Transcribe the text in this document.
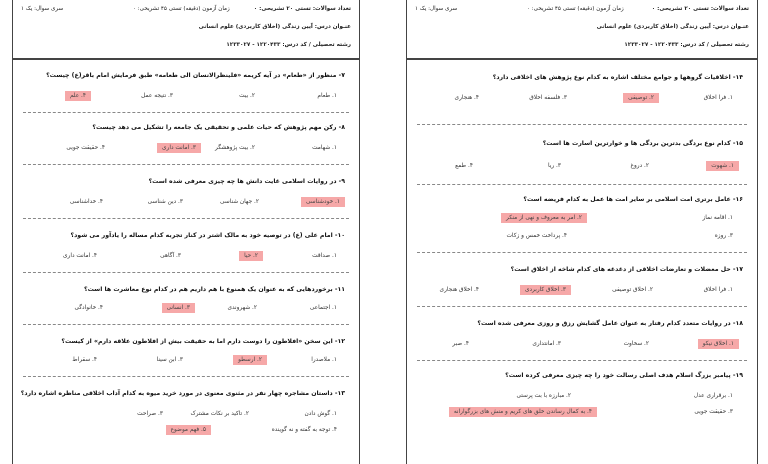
سری سوال: یک ۱	زمان آزمون (دقیقه) تستی ۴۵ تشریحی: ۰	تعداد سوالات: تستی ۲۰ تشریحی: ۰
عنـوان درس: آیین زندگی (اخلاق کاربردی) علوم انسانی
رشته تحصیلی / کد درس: ۱۲۲۰۴۳۳ - ۱۲۳۳۰۲۷
۷- منظور از «طعام» در آیه کریمه «فلینظرالانسان الی طعامه» طبق فرمایش امام باقر(ع) چیست؟
۱. طعام
۲. بیت
۳. نتیجه عمل
۴. علم
۸- رکن مهم پژوهش که حیات علمی و تحقیقی یک جامعه را تشکیل می دهد چیست؟
۱. شهامت
۲. بیت پژوهشگر
۳. امانت داری
۴. حقیقت جویی
۹- در روایات اسلامی غایت دانش ها چه چیزی معرفی شده است؟
۱. خودشناسی
۲. جهان شناسی
۳. دین شناسی
۴. خداشناسی
۱۰- امام علی (ع) در توصیه خود به مالک اشتر در کنار تجربه کدام مساله را یادآور می شود؟
۱. صداقت
۲. حیا
۳. آگاهی
۴. امانت داری
۱۱- برخوردهایی که به عنوان یک همنوع با هم داریم هم در کدام نوع معاشرت ها است؟
۱. اجتماعی
۲. شهروندی
۳. انسانی
۴. خانوادگی
۱۲- این سخن «افلاطون را دوست دارم اما به حقیقت بیش از افلاطون علاقه دارم» از کیست؟
۱. ملاصدرا
۲. ارسطو
۳. ابن سینا
۴. سقراط
۱۳- داستان مشاجره چهار نفر در مثنوی معنوی در مورد خرید میوه به کدام آداب اخلاقی مناظره اشاره دارد؟
۱. گوش دادن
۲. تاکید بر نکات مشترک
۳. صراحت
۴. توجه به گفته و نه گوینده
۵. فهم موضوع
سری سوال: یک ۱	زمان آزمون (دقیقه) تستی ۴۵ تشریحی: ۰	تعداد سوالات: تستی ۲۰ تشریحی: ۰
عنـوان درس: آیین زندگی (اخلاق کاربردی) علوم انسانی
رشته تحصیلی / کد درس: ۱۲۲۰۴۳۳ - ۱۲۳۳۰۲۷
۱۴- اخلاقیات گروهها و جوامع مختلف اشاره به کدام نوع پژوهش های اخلاقی دارد؟
۱. فرا اخلاق
۲. توصیفی
۳. فلسفه اخلاق
۴. هنجاری
۱۵- کدام نوع بردگی بدترین بردگی ها و خوارترین اسارت ها است؟
۱. شهوت
۲. دروغ
۳. ریا
۴. طمع
۱۶- عامل برتری امت اسلامی بر سایر امت ها عمل به کدام فریضه است؟
۱. اقامه نماز
۲. امر به معروف و نهی از منکر
۳. روزه
۴. پرداخت خمس و زکات
۱۷- حل معضلات و تعارضات اخلاقی از دغدغه های کدام شاخه از اخلاق است؟
۱. فرا اخلاق
۲. اخلاق توصیفی
۳. اخلاق کاربردی
۴. اخلاق هنجاری
۱۸- در روایات متعدد کدام رفتار به عنوان عامل گشایش رزق و روزی معرفی شده است؟
۱. اخلاق نیکو
۲. سخاوت
۳. امانتداری
۴. صبر
۱۹- پیامبر بزرگ اسلام هدف اصلی رسالت خود را چه چیزی معرفی کرده است؟
۱. برقراری عدل
۲. مبارزه با بت پرستی
۳. حقیقت جویی
۴. به کمال رساندن خلق های کریم و منش های بزرگوارانه
